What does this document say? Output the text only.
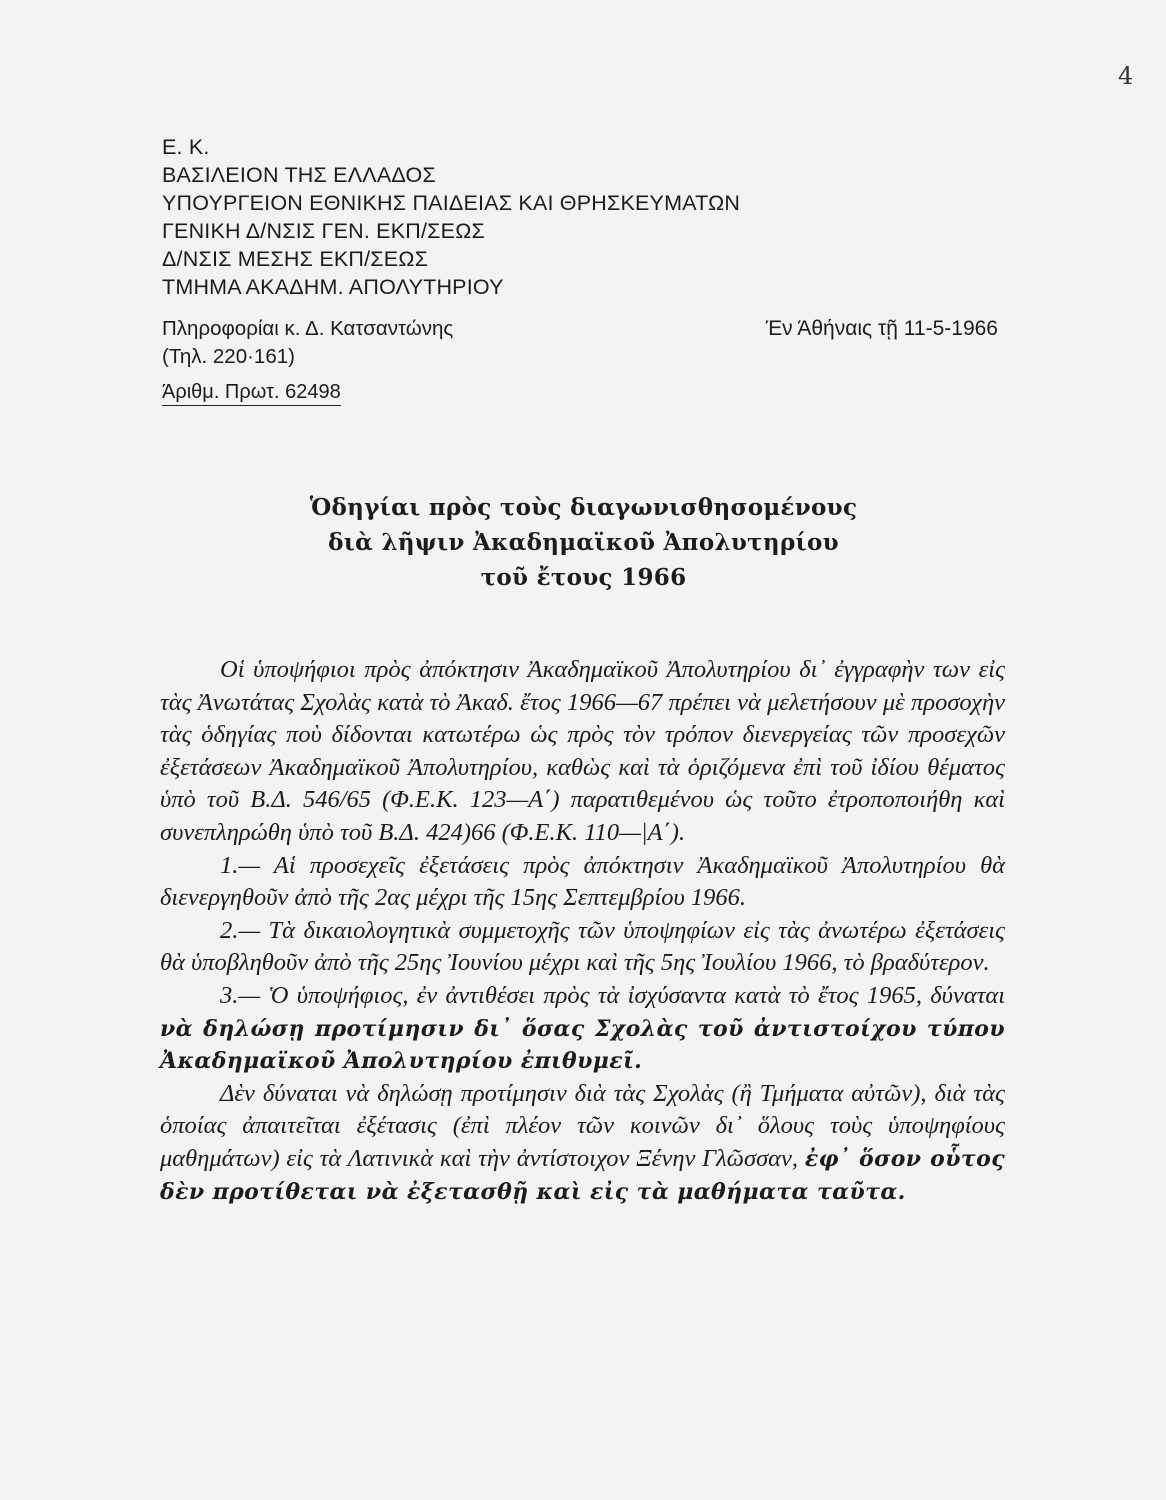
4
Ε. Κ.
ΒΑΣΙΛΕΙΟΝ ΤΗΣ ΕΛΛΑΔΟΣ
ΥΠΟΥΡΓΕΙΟΝ ΕΘΝΙΚΗΣ ΠΑΙΔΕΙΑΣ ΚΑΙ ΘΡΗΣΚΕΥΜΑΤΩΝ
ΓΕΝΙΚΗ Δ/ΝΣΙΣ ΓΕΝ. ΕΚΠ/ΣΕΩΣ
Δ/ΝΣΙΣ ΜΕΣΗΣ ΕΚΠ/ΣΕΩΣ
ΤΜΗΜΑ ΑΚΑΔΗΜ. ΑΠΟΛΥΤΗΡΙΟΥ
Πληροφορίαι κ. Δ. Κατσαντώνης
(Τηλ. 220·161)
Έν Άθήναις τῇ 11-5-1966
Άριθμ. Πρωτ. 62498
Ὁδηγίαι πρὸς τοὺς διαγωνισθησομένους
διὰ λῆψιν Ἀκαδημαϊκοῦ Ἀπολυτηρίου
τοῦ ἔτους 1966

Οἱ ὑποψήφιοι πρὸς ἀπόκτησιν Ἀκαδημαϊκοῦ Ἀπολυτηρίου δι᾽ ἐγγραφὴν των εἰς τὰς Ἀνωτάτας Σχολὰς κατὰ τὸ Ἀκαδ. ἔτος 1966—67 πρέπει νὰ μελετήσουν μὲ προσοχὴν τὰς ὁδηγίας ποὺ δίδονται κατωτέρω ὡς πρὸς τὸν τρόπον διενεργείας τῶν προσεχῶν ἐξετάσεων Ἀκαδημαϊκοῦ Ἀπολυτηρίου, καθὼς καὶ τὰ ὁριζόμενα ἐπὶ τοῦ ἰδίου θέματος ὑπὸ τοῦ Β.Δ. 546/65 (Φ.Ε.Κ. 123—Α΄) παρατιθεμένου ὡς τοῦτο ἐτροποποιήθη καὶ συνεπληρώθη ὑπὸ τοῦ Β.Δ. 424)66 (Φ.Ε.Κ. 110—|Α΄).

1.— Αἱ προσεχεῖς ἐξετάσεις πρὸς ἀπόκτησιν Ἀκαδημαϊκοῦ Ἀπολυτηρίου θὰ διενεργηθοῦν ἀπὸ τῆς 2ας μέχρι τῆς 15ης Σεπτεμβρίου 1966.

2.— Τὰ δικαιολογητικὰ συμμετοχῆς τῶν ὑποψηφίων εἰς τὰς ἀνωτέρω ἐξετάσεις θὰ ὑποβληθοῦν ἀπὸ τῆς 25ης Ἰουνίου μέχρι καὶ τῆς 5ης Ἰουλίου 1966, τὸ βραδύτερον.

3.— Ὁ ὑποψήφιος, ἐν ἀντιθέσει πρὸς τὰ ἰσχύσαντα κατὰ τὸ ἔτος 1965, δύναται νὰ δηλώσῃ προτίμησιν δι᾽ ὅσας Σχολὰς τοῦ ἀντιστοίχου τύπου Ἀκαδημαϊκοῦ Ἀπολυτηρίου ἐπιθυμεῖ.

Δὲν δύναται νὰ δηλώσῃ προτίμησιν διὰ τὰς Σχολὰς (ἢ Τμήματα αὐτῶν), διὰ τὰς ὁποίας ἀπαιτεῖται ἐξέτασις (ἐπὶ πλέον τῶν κοινῶν δι᾽ ὅλους τοὺς ὑποψηφίους μαθημάτων) εἰς τὰ Λατινικὰ καὶ τὴν ἀντίστοιχον Ξένην Γλῶσσαν, ἐφ᾽ ὅσον οὗτος δὲν προτίθεται νὰ ἐξετασθῇ καὶ εἰς τὰ μαθήματα ταῦτα.
